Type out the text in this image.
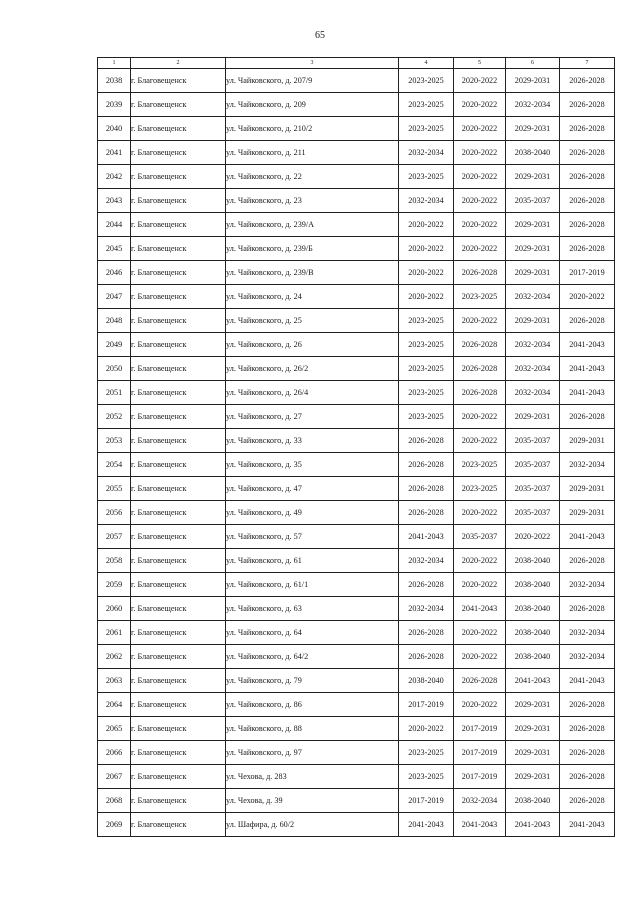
65
1	2	3	4	5	6	7
2038	г. Благовещенск	ул. Чайковского, д. 207/9	2023-2025	2020-2022	2029-2031	2026-2028
2039	г. Благовещенск	ул. Чайковского, д. 209	2023-2025	2020-2022	2032-2034	2026-2028
2040	г. Благовещенск	ул. Чайковского, д. 210/2	2023-2025	2020-2022	2029-2031	2026-2028
2041	г. Благовещенск	ул. Чайковского, д. 211	2032-2034	2020-2022	2038-2040	2026-2028
2042	г. Благовещенск	ул. Чайковского, д. 22	2023-2025	2020-2022	2029-2031	2026-2028
2043	г. Благовещенск	ул. Чайковского, д. 23	2032-2034	2020-2022	2035-2037	2026-2028
2044	г. Благовещенск	ул. Чайковского, д. 239/А	2020-2022	2020-2022	2029-2031	2026-2028
2045	г. Благовещенск	ул. Чайковского, д. 239/Б	2020-2022	2020-2022	2029-2031	2026-2028
2046	г. Благовещенск	ул. Чайковского, д. 239/В	2020-2022	2026-2028	2029-2031	2017-2019
2047	г. Благовещенск	ул. Чайковского, д. 24	2020-2022	2023-2025	2032-2034	2020-2022
2048	г. Благовещенск	ул. Чайковского, д. 25	2023-2025	2020-2022	2029-2031	2026-2028
2049	г. Благовещенск	ул. Чайковского, д. 26	2023-2025	2026-2028	2032-2034	2041-2043
2050	г. Благовещенск	ул. Чайковского, д. 26/2	2023-2025	2026-2028	2032-2034	2041-2043
2051	г. Благовещенск	ул. Чайковского, д. 26/4	2023-2025	2026-2028	2032-2034	2041-2043
2052	г. Благовещенск	ул. Чайковского, д. 27	2023-2025	2020-2022	2029-2031	2026-2028
2053	г. Благовещенск	ул. Чайковского, д. 33	2026-2028	2020-2022	2035-2037	2029-2031
2054	г. Благовещенск	ул. Чайковского, д. 35	2026-2028	2023-2025	2035-2037	2032-2034
2055	г. Благовещенск	ул. Чайковского, д. 47	2026-2028	2023-2025	2035-2037	2029-2031
2056	г. Благовещенск	ул. Чайковского, д. 49	2026-2028	2020-2022	2035-2037	2029-2031
2057	г. Благовещенск	ул. Чайковского, д. 57	2041-2043	2035-2037	2020-2022	2041-2043
2058	г. Благовещенск	ул. Чайковского, д. 61	2032-2034	2020-2022	2038-2040	2026-2028
2059	г. Благовещенск	ул. Чайковского, д. 61/1	2026-2028	2020-2022	2038-2040	2032-2034
2060	г. Благовещенск	ул. Чайковского, д. 63	2032-2034	2041-2043	2038-2040	2026-2028
2061	г. Благовещенск	ул. Чайковского, д. 64	2026-2028	2020-2022	2038-2040	2032-2034
2062	г. Благовещенск	ул. Чайковского, д. 64/2	2026-2028	2020-2022	2038-2040	2032-2034
2063	г. Благовещенск	ул. Чайковского, д. 79	2038-2040	2026-2028	2041-2043	2041-2043
2064	г. Благовещенск	ул. Чайковского, д. 86	2017-2019	2020-2022	2029-2031	2026-2028
2065	г. Благовещенск	ул. Чайковского, д. 88	2020-2022	2017-2019	2029-2031	2026-2028
2066	г. Благовещенск	ул. Чайковского, д. 97	2023-2025	2017-2019	2029-2031	2026-2028
2067	г. Благовещенск	ул. Чехова, д. 283	2023-2025	2017-2019	2029-2031	2026-2028
2068	г. Благовещенск	ул. Чехова, д. 39	2017-2019	2032-2034	2038-2040	2026-2028
2069	г. Благовещенск	ул. Шафира, д. 60/2	2041-2043	2041-2043	2041-2043	2041-2043
